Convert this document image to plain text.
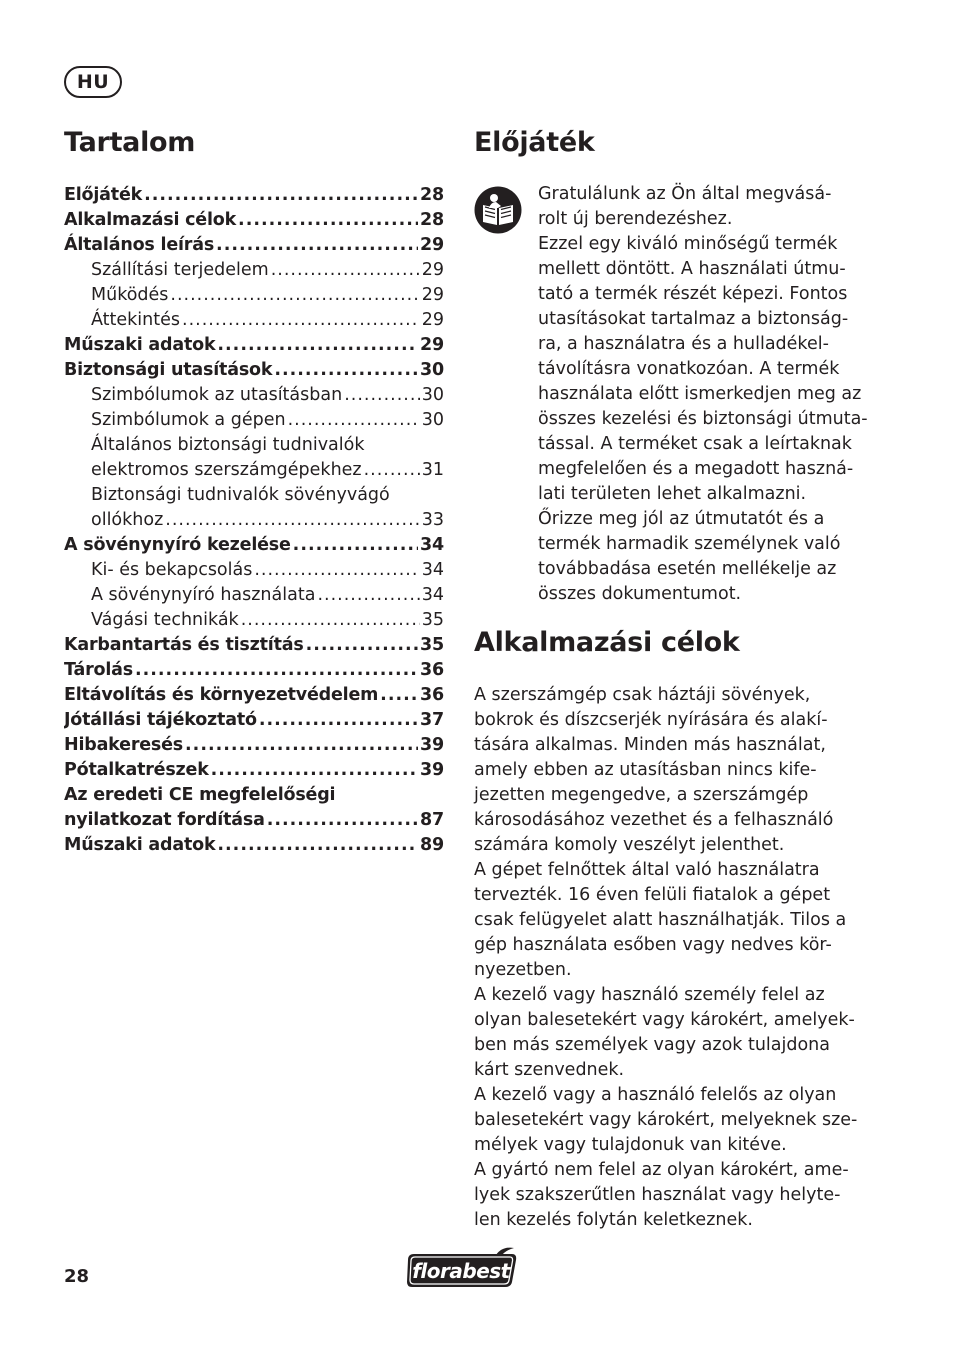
HU
Tartalom
Előjáték .....	28
Alkalmazási célok .....	28
Általános leírás .....	29
Szállítási terjedelem .....	29
Működés .....	29
Áttekintés .....	29
Műszaki adatok .....	29
Biztonsági utasítások .....	30
Szimbólumok az utasításban .....	30
Szimbólumok a gépen .....	30
Általános biztonsági tudnivalók
elektromos szerszámgépekhez .....	31
Biztonsági tudnivalók sövényvágó
ollókhoz .....	33
A sövénynyíró kezelése .....	34
Ki- és bekapcsolás .....	34
A sövénynyíró használata .....	34
Vágási technikák .....	35
Karbantartás és tisztítás .....	35
Tárolás .....	36
Eltávolítás és környezetvédelem ..... 36
Jótállási tájékoztató .....	37
Hibakeresés .....	39
Pótalkatrészek .....	39
Az eredeti CE megfelelőségi
nyilatkozat fordítása .....	87
Műszaki adatok .....	89
Előjáték
Gratulálunk az Ön által megvásá-
rolt új berendezéshez.
Ezzel egy kiváló minőségű termék
mellett döntött. A használati útmu-
tató a termék részét képezi. Fontos
utasításokat tartalmaz a biztonság-
ra, a használatra és a hulladékel-
távolításra vonatkozóan. A termék
használata előtt ismerkedjen meg az
összes kezelési és biztonsági útmuta-
tással. A terméket csak a leírtaknak
megfelelően és a megadott haszná-
lati területen lehet alkalmazni.
Őrizze meg jól az útmutatót és a
termék harmadik személynek való
továbbadása esetén mellékelje az
összes dokumentumot.
Alkalmazási célok
A szerszámgép csak háztáji sövények,
bokrok és díszcserjék nyírására és alakí-
tására alkalmas. Minden más használat,
amely ebben az utasításban nincs kife-
jezetten megengedve, a szerszámgép
károsodásához vezethet és a felhasználó
számára komoly veszélyt jelenthet.
A gépet felnőttek által való használatra
tervezték. 16 éven felüli fiatalok a gépet
csak felügyelet alatt használhatják. Tilos a
gép használata esőben vagy nedves kör-
nyezetben.
A kezelő vagy használó személy felel az
olyan balesetekért vagy károkért, amelyek-
ben más személyek vagy azok tulajdona
kárt szenvednek.
A kezelő vagy a használó felelős az olyan
balesetekért vagy károkért, melyeknek sze-
mélyek vagy tulajdonuk van kitéve.
A gyártó nem felel az olyan károkért, ame-
lyek szakszerűtlen használat vagy helyte-
len kezelés folytán keletkeznek.
28	florabest
